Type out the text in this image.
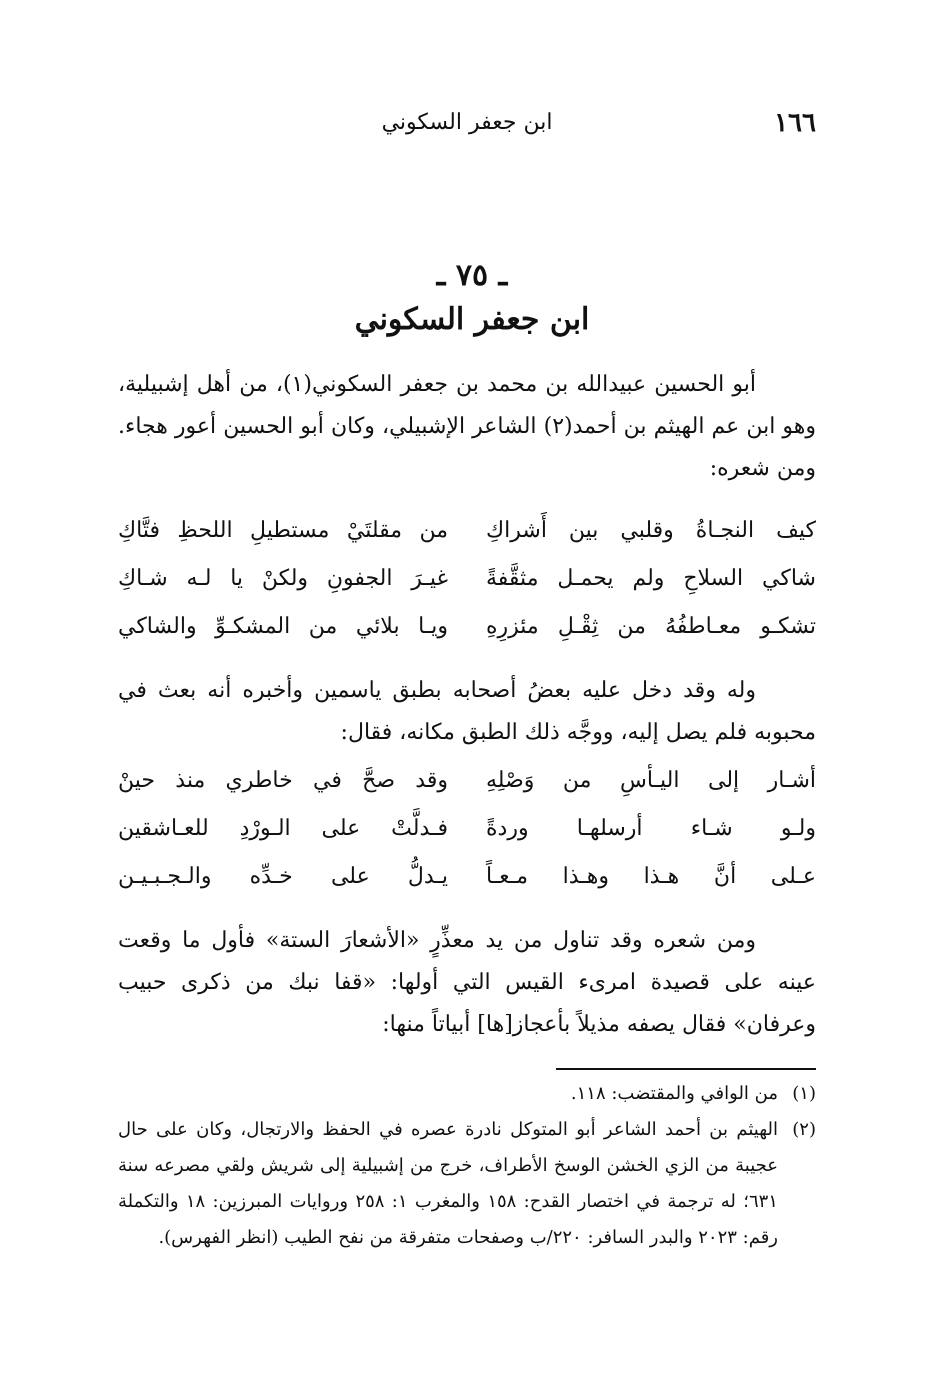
١٦٦
ابن جعفر السكوني
ـ ٧٥ ـ
ابن جعفر السكوني

أبو الحسين عبيدالله بن محمد بن جعفر السكوني(١)، من أهل إشبيلية، وهو ابن عم الهيثم بن أحمد(٢) الشاعر الإشبيلي، وكان أبو الحسين أعور هجاء. ومن شعره:

كيف النجـاةُ وقلبي بين أَشراكِ
من مقلتَيْ مستطيلِ اللحظِ فتَّاكِ
شاكي السلاحِ ولم يحمـل مثقَّفةً
غيـرَ الجفونِ ولكنْ يا لـه شـاكِ
تشكـو معـاطفُهُ من ثِقْـلِ مئزرِهِ
ويـا بلائي من المشكـوِّ والشاكي

وله وقد دخل عليه بعضُ أصحابه بطبق ياسمين وأخبره أنه بعث في محبوبه فلم يصل إليه، ووجَّه ذلك الطبق مكانه، فقال:

أشـار إلى اليـأسِ من وَصْلِهِ
وقد صحَّ في خاطري منذ حينْ
ولـو شـاء أرسلهـا وردةً
فـدلَّتْ على الـورْدِ للعـاشقين
عـلى أنَّ هـذا وهـذا مـعـاً
يـدلُّ على خـدِّه والـجـبـيـن

ومن شعره وقد تناول من يد معذِّرٍ «الأشعارَ الستة» فأول ما وقعت عينه على قصيدة امرىء القيس التي أولها: «قفا نبك من ذكرى حبيب وعرفان» فقال يصفه مذيلاً بأعجاز[ها] أبياتاً منها:

(١)
من الوافي والمقتضب: ١١٨.
(٢)
الهيثم بن أحمد الشاعر أبو المتوكل نادرة عصره في الحفظ والارتجال، وكان على حال عجيبة من الزي الخشن الوسخ الأطراف، خرج من إشبيلية إلى شريش ولقي مصرعه سنة ٦٣١؛ له ترجمة في اختصار القدح: ١٥٨ والمغرب ١: ٢٥٨ وروايات المبرزين: ١٨ والتكملة رقم: ٢٠٢٣ والبدر السافر: ٢٢٠/ب وصفحات متفرقة من نفح الطيب (انظر الفهرس).
